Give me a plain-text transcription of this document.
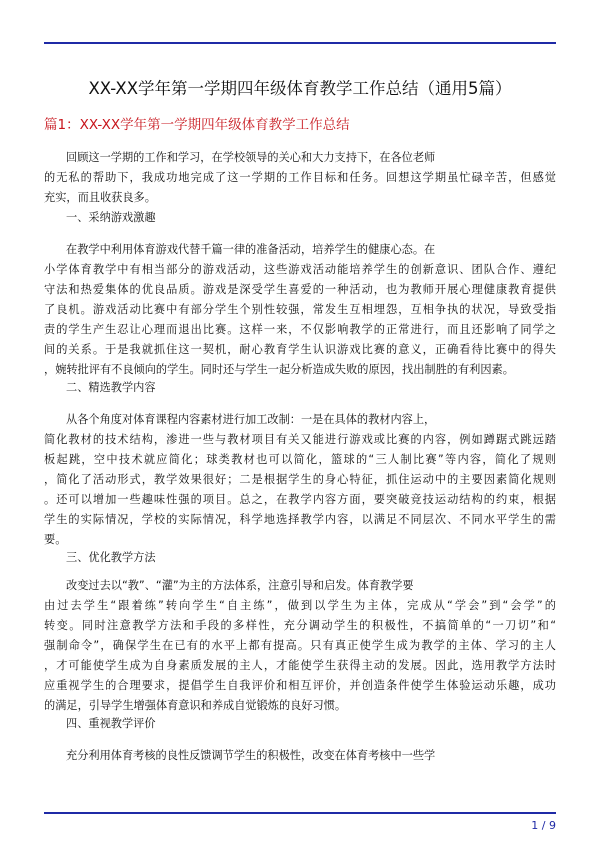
XX-XX学年第一学期四年级体育教学工作总结（通用5篇）
篇1：XX-XX学年第一学期四年级体育教学工作总结
回顾这一学期的工作和学习，在学校领导的关心和大力支持下，在各位老师
的无私的帮助下，我成功地完成了这一学期的工作目标和任务。回想这学期虽忙碌辛苦，但感觉
充实，而且收获良多。
一、采纳游戏激趣
在教学中利用体育游戏代替千篇一律的准备活动，培养学生的健康心态。在
小学体育教学中有相当部分的游戏活动，这些游戏活动能培养学生的创新意识、团队合作、遵纪
守法和热爱集体的优良品质。游戏是深受学生喜爱的一种活动，也为教师开展心理健康教育提供
了良机。游戏活动比赛中有部分学生个别性较强，常发生互相埋怨，互相争执的状况，导致受指
责的学生产生忍让心理而退出比赛。这样一来，不仅影响教学的正常进行，而且还影响了同学之
间的关系。于是我就抓住这一契机，耐心教育学生认识游戏比赛的意义，正确看待比赛中的得失
，婉转批评有不良倾向的学生。同时还与学生一起分析造成失败的原因，找出制胜的有利因素。
二、精选教学内容
从各个角度对体育课程内容素材进行加工改制：一是在具体的教材内容上，
简化教材的技术结构，渗进一些与教材项目有关又能进行游戏或比赛的内容，例如蹲踞式跳远踏
板起跳，空中技术就应简化；球类教材也可以简化，篮球的“三人制比赛”等内容，简化了规则
，简化了活动形式，教学效果很好；二是根据学生的身心特征，抓住运动中的主要因素简化规则
。还可以增加一些趣味性强的项目。总之，在教学内容方面，要突破竞技运动结构的约束，根据
学生的实际情况，学校的实际情况，科学地选择教学内容，以满足不同层次、不同水平学生的需
要。
三、优化教学方法
改变过去以“教”、“灌”为主的方法体系，注意引导和启发。体育教学要
由过去学生“跟着练”转向学生“自主练”，做到以学生为主体，完成从“学会”到“会学”的
转变。同时注意教学方法和手段的多样性，充分调动学生的积极性，不搞简单的“一刀切”和“
强制命令”，确保学生在已有的水平上都有提高。只有真正使学生成为教学的主体、学习的主人
，才可能使学生成为自身素质发展的主人，才能使学生获得主动的发展。因此，选用教学方法时
应重视学生的合理要求，提倡学生自我评价和相互评价，并创造条件使学生体验运动乐趣，成功
的满足，引导学生增强体育意识和养成自觉锻炼的良好习惯。
四、重视教学评价
充分利用体育考核的良性反馈调节学生的积极性，改变在体育考核中一些学
1 / 9
